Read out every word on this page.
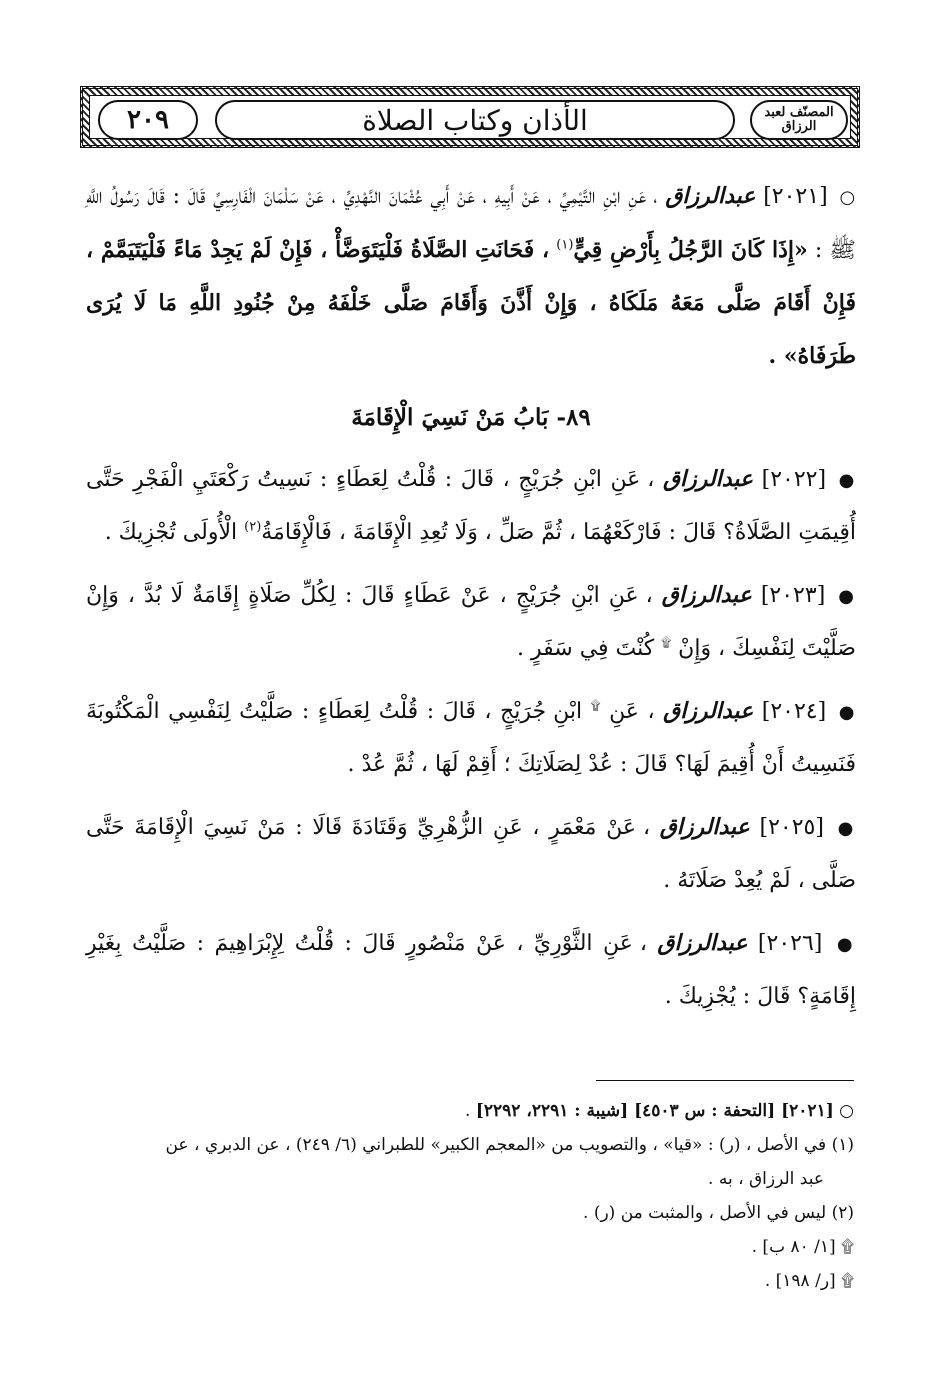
٢٠٩	الأذان وكتاب الصلاة	المصنّف لعبد الرزاق

○ [٢٠٢١] عبدالرزاق ، عَنِ ابْنِ التَّيْمِيِّ ، عَنْ أَبِيهِ ، عَنْ أَبِي عُثْمَانَ النَّهْدِيِّ ، عَنْ سَلْمَانَ الْفَارِسِيِّ قَالَ : قَالَ رَسُولُ اللَّهِ ﷺ : «إِذَا كَانَ الرَّجُلُ بِأَرْضِ قِيٍّ$^{(١)}$ ، فَحَانَتِ الصَّلَاةُ فَلْيَتَوَضَّأْ ، فَإِنْ لَمْ يَجِدْ مَاءً فَلْيَتَيَمَّمْ ، فَإِنْ أَقَامَ صَلَّى مَعَهُ مَلَكَاهُ ، وَإِنْ أَذَّنَ وَأَقَامَ صَلَّى خَلْفَهُ مِنْ جُنُودِ اللَّهِ مَا لَا يُرَى طَرَفَاهُ» .

٨٩- بَابُ مَنْ نَسِيَ الْإِقَامَةَ

● [٢٠٢٢] عبدالرزاق ، عَنِ ابْنِ جُرَيْجٍ ، قَالَ : قُلْتُ لِعَطَاءٍ : نَسِيتُ رَكْعَتَيِ الْفَجْرِ حَتَّى أُقِيمَتِ الصَّلَاةُ؟ قَالَ : فَارْكَعْهُمَا ، ثُمَّ صَلِّ ، وَلَا تُعِدِ الْإِقَامَةَ ، فَالْإِقَامَةُ$^{(٢)}$ الْأُولَى تُجْزِيكَ .

● [٢٠٢٣] عبدالرزاق ، عَنِ ابْنِ جُرَيْجٍ ، عَنْ عَطَاءٍ قَالَ : لِكُلِّ صَلَاةٍ إِقَامَةٌ لَا بُدَّ ، وَإِنْ صَلَّيْتَ لِنَفْسِكَ ، وَإِنْ ۩ كُنْتَ فِي سَفَرٍ .

● [٢٠٢٤] عبدالرزاق ، عَنِ ۩ ابْنِ جُرَيْجٍ ، قَالَ : قُلْتُ لِعَطَاءٍ : صَلَّيْتُ لِنَفْسِي الْمَكْتُوبَةَ فَنَسِيتُ أَنْ أُقِيمَ لَهَا؟ قَالَ : عُدْ لِصَلَاتِكَ ؛ أَقِمْ لَهَا ، ثُمَّ عُدْ .

● [٢٠٢٥] عبدالرزاق ، عَنْ مَعْمَرٍ ، عَنِ الزُّهْرِيِّ وَقَتَادَةَ قَالَا : مَنْ نَسِيَ الْإِقَامَةَ حَتَّى صَلَّى ، لَمْ يُعِدْ صَلَاتَهُ .

● [٢٠٢٦] عبدالرزاق ، عَنِ الثَّوْرِيِّ ، عَنْ مَنْصُورٍ قَالَ : قُلْتُ لِإِبْرَاهِيمَ : صَلَّيْتُ بِغَيْرِ إِقَامَةٍ؟ قَالَ : يُجْزِيكَ .

○ [٢٠٢١] [التحفة : س ٤٥٠٣] [شيبة : ٢٢٩١، ٢٢٩٢] .

(١) في الأصل ، (ر) : «قيا» ، والتصويب من «المعجم الكبير» للطبراني (٦/ ٢٤٩) ، عن الدبري ، عن

عبد الرزاق ، به .

(٢) ليس في الأصل ، والمثبت من (ر) .

۩ [١/ ٨٠ ب] .

۩ [ر/ ١٩٨] .
